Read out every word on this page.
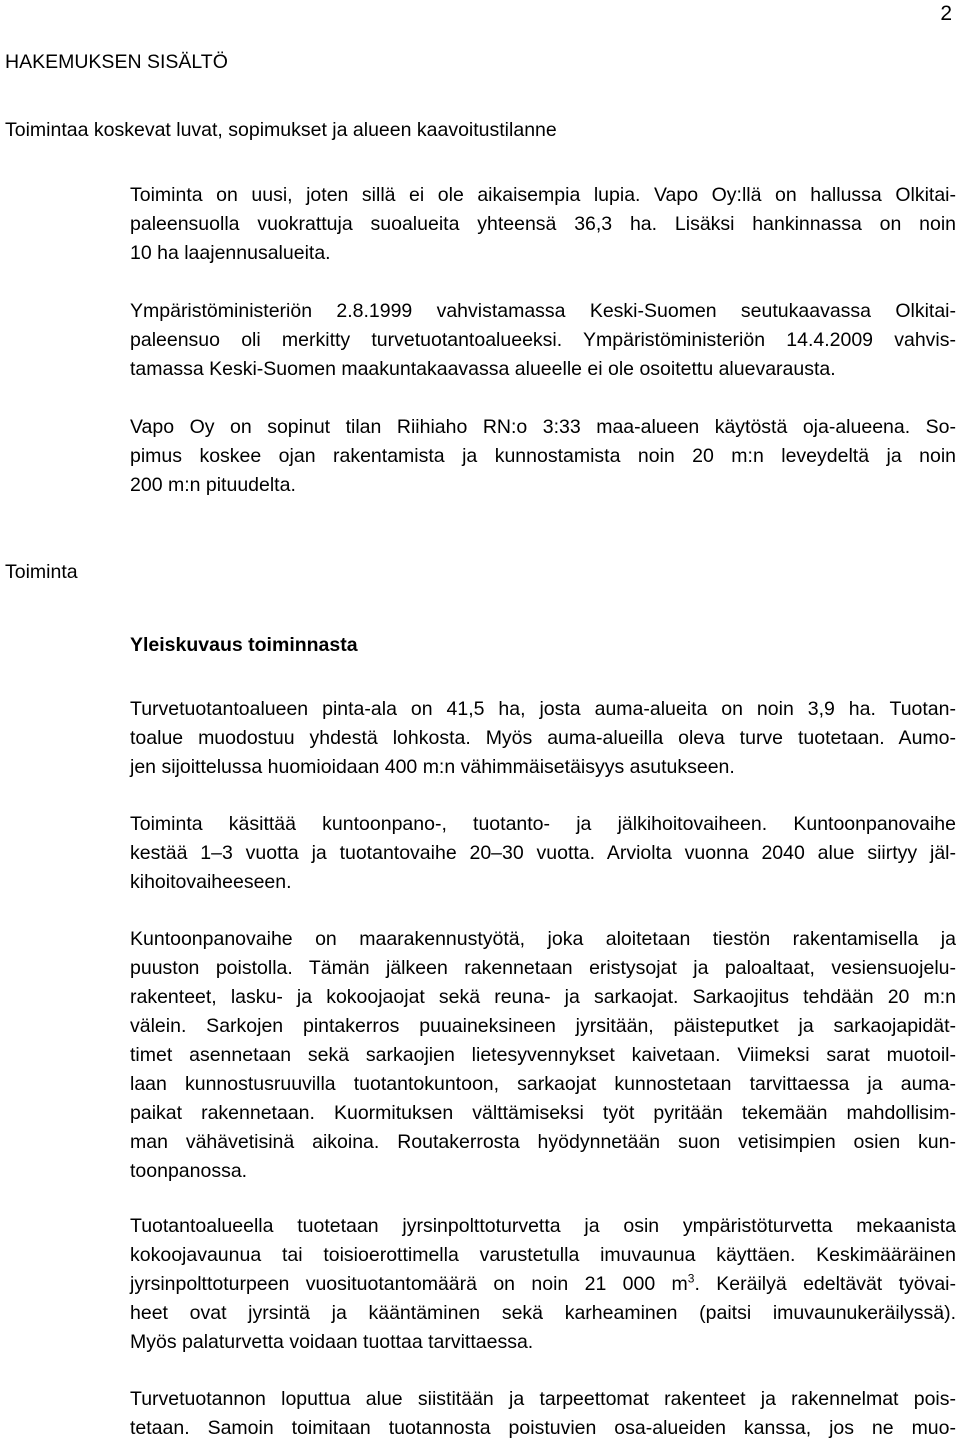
2
HAKEMUKSEN SISÄLTÖ
Toimintaa koskevat luvat, sopimukset ja alueen kaavoitustilanne
Toiminta on uusi, joten sillä ei ole aikaisempia lupia. Vapo Oy:llä on hallussa Olkitai-
paleensuolla vuokrattuja suoalueita yhteensä 36,3 ha. Lisäksi hankinnassa on noin
10 ha laajennusalueita.
Ympäristöministeriön 2.8.1999 vahvistamassa Keski-Suomen seutukaavassa Olkitai-
paleensuo oli merkitty turvetuotantoalueeksi. Ympäristöministeriön 14.4.2009 vahvis-
tamassa Keski-Suomen maakuntakaavassa alueelle ei ole osoitettu aluevarausta.
Vapo Oy on sopinut tilan Riihiaho RN:o 3:33 maa-alueen käytöstä oja-alueena. So-
pimus koskee ojan rakentamista ja kunnostamista noin 20 m:n leveydeltä ja noin
200 m:n pituudelta.
Toiminta
Yleiskuvaus toiminnasta
Turvetuotantoalueen pinta-ala on 41,5 ha, josta auma-alueita on noin 3,9 ha. Tuotan-
toalue muodostuu yhdestä lohkosta. Myös auma-alueilla oleva turve tuotetaan. Aumo-
jen sijoittelussa huomioidaan 400 m:n vähimmäisetäisyys asutukseen.
Toiminta käsittää kuntoonpano-, tuotanto- ja jälkihoitovaiheen. Kuntoonpanovaihe
kestää 1–3 vuotta ja tuotantovaihe 20–30 vuotta. Arviolta vuonna 2040 alue siirtyy jäl-
kihoitovaiheeseen.
Kuntoonpanovaihe on maarakennustyötä, joka aloitetaan tiestön rakentamisella ja
puuston poistolla. Tämän jälkeen rakennetaan eristysojat ja paloaltaat, vesiensuojelu-
rakenteet, lasku- ja kokoojaojat sekä reuna- ja sarkaojat. Sarkaojitus tehdään 20 m:n
välein. Sarkojen pintakerros puuaineksineen jyrsitään, päisteputket ja sarkaojapidät-
timet asennetaan sekä sarkaojien lietesyvennykset kaivetaan. Viimeksi sarat muotoil-
laan kunnostusruuvilla tuotantokuntoon, sarkaojat kunnostetaan tarvittaessa ja auma-
paikat rakennetaan. Kuormituksen välttämiseksi työt pyritään tekemään mahdollisim-
man vähävetisinä aikoina. Routakerrosta hyödynnetään suon vetisimpien osien kun-
toonpanossa.
Tuotantoalueella tuotetaan jyrsinpolttoturvetta ja osin ympäristöturvetta mekaanista
kokoojavaunua tai toisioerottimella varustetulla imuvaunua käyttäen. Keskimääräinen
jyrsinpolttoturpeen vuosituotantomäärä on noin 21 000 $m^3$. Keräilyä edeltävät työvai-
heet ovat jyrsintä ja kääntäminen sekä karheaminen (paitsi imuvaunukeräilyssä).
Myös palaturvetta voidaan tuottaa tarvittaessa.
Turvetuotannon loputtua alue siistitään ja tarpeettomat rakenteet ja rakennelmat pois-
tetaan. Samoin toimitaan tuotannosta poistuvien osa-alueiden kanssa, jos ne muo-
